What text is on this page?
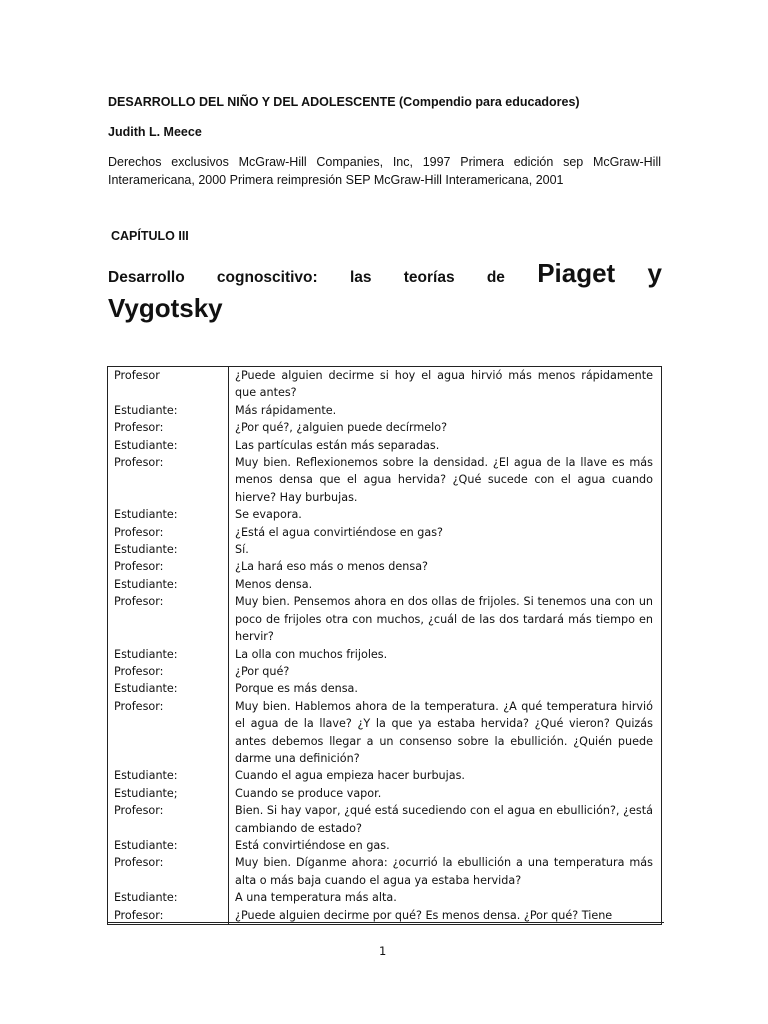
DESARROLLO DEL NIÑO Y DEL ADOLESCENTE (Compendio para educadores)
Judith L. Meece
Derechos exclusivos McGraw-Hill Companies, Inc, 1997 Primera edición sep McGraw-Hill Interamericana, 2000 Primera reimpresión SEP McGraw-Hill Interamericana, 2001
CAPÍTULO III
Desarrollo cognoscitivo: las teorías de Piaget y
Vygotsky
Profesor	¿Puede alguien decirme si hoy el agua hirvió más menos rápidamente que antes?
Estudiante:	Más rápidamente.
Profesor:	¿Por qué?, ¿alguien puede decírmelo?
Estudiante:	Las partículas están más separadas.
Profesor:	Muy bien. Reflexionemos sobre la densidad. ¿El agua de la llave es más menos densa que el agua hervida? ¿Qué sucede con el agua cuando hierve? Hay burbujas.
Estudiante:	Se evapora.
Profesor:	¿Está el agua convirtiéndose en gas?
Estudiante:	Sí.
Profesor:	¿La hará eso más o menos densa?
Estudiante:	Menos densa.
Profesor:	Muy bien. Pensemos ahora en dos ollas de frijoles. Si tenemos una con un poco de frijoles otra con muchos, ¿cuál de las dos tardará más tiempo en hervir?
Estudiante:	La olla con muchos frijoles.
Profesor:	¿Por qué?
Estudiante:	Porque es más densa.
Profesor:	Muy bien. Hablemos ahora de la temperatura. ¿A qué temperatura hirvió el agua de la llave? ¿Y la que ya estaba hervida? ¿Qué vieron? Quizás antes debemos llegar a un consenso sobre la ebullición. ¿Quién puede darme una definición?
Estudiante:	Cuando el agua empieza hacer burbujas.
Estudiante;	Cuando se produce vapor.
Profesor:	Bien. Si hay vapor, ¿qué está sucediendo con el agua en ebullición?, ¿está cambiando de estado?
Estudiante:	Está convirtiéndose en gas.
Profesor:	Muy bien. Díganme ahora: ¿ocurrió la ebullición a una temperatura más alta o más baja cuando el agua ya estaba hervida?
Estudiante:	A una temperatura más alta.
Profesor:	¿Puede alguien decirme por qué? Es menos densa. ¿Por qué? Tiene
1
